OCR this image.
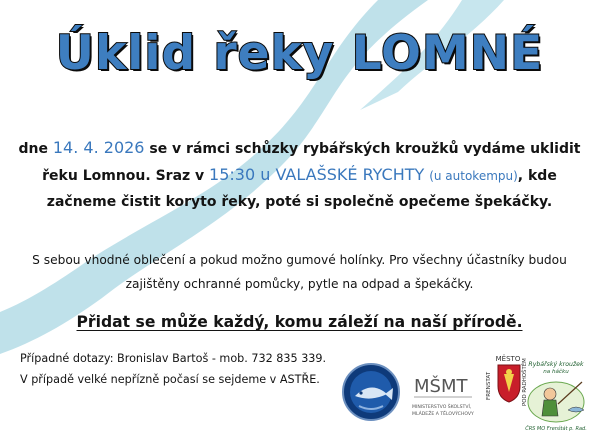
Úklid řeky LOMNÉ
dne 14. 4. 2026 se v rámci schůzky rybářských kroužků vydáme uklidit
řeku Lomnou. Sraz v 15:30 u VALAŠSKÉ RYCHTY (u autokempu), kde
začneme čistit koryto řeky, poté si společně opečeme špekáčky.
S sebou vhodné oblečení a pokud možno gumové holínky. Pro všechny účastníky budou
zajištěny ochranné pomůcky, pytle na odpad a špekáčky.
Přidat se může každý, komu záleží na naší přírodě.
Případné dotazy: Bronislav Bartoš - mob. 732 835 339.
V případě velké nepřízně počasí se sejdeme v ASTŘE.	MŠMT
MINISTERSTVO ŠKOLSTVÍ,
MLÁDEŽE A TĚLOVÝCHOVY
MĚSTO
FRENŠTÁT	POD RADHOŠTĚM Rybářský kroužek
na háčku
ČRS MO Frenštát p. Rad.
